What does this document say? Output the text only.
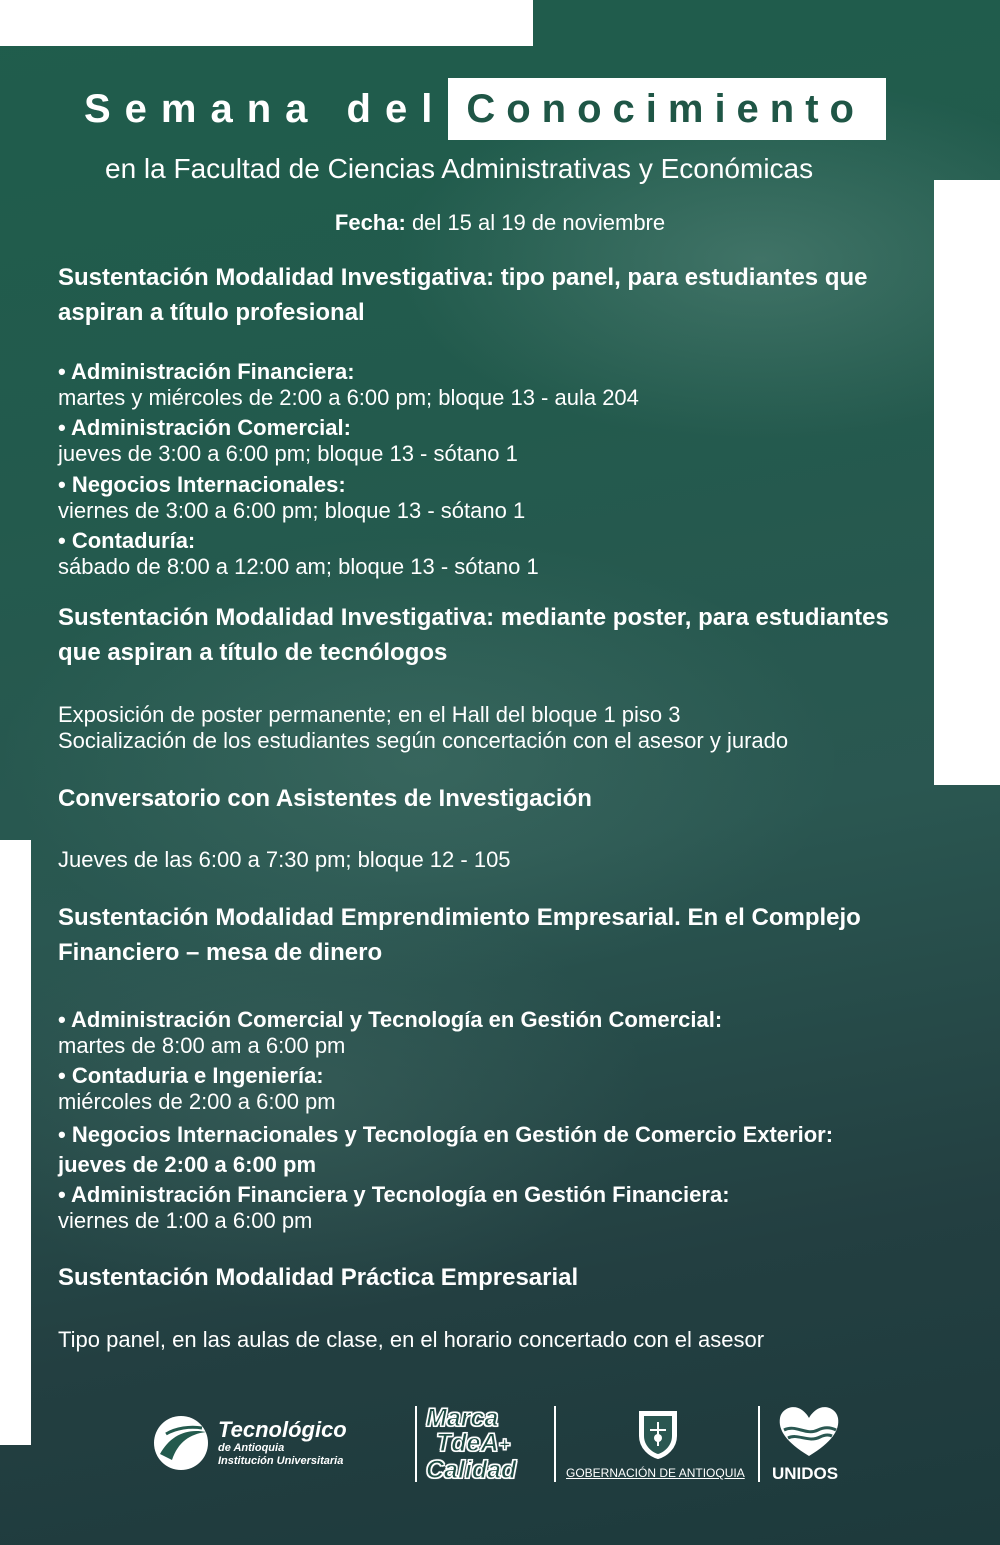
Semana del Conocimiento
en la Facultad de Ciencias Administrativas y Económicas
Fecha: del 15 al 19 de noviembre
Sustentación Modalidad Investigativa: tipo panel, para estudiantes que aspiran a título profesional
• Administración Financiera:
martes y miércoles de 2:00 a 6:00 pm; bloque 13 - aula 204
• Administración Comercial:
jueves de 3:00 a 6:00 pm; bloque 13 - sótano 1
• Negocios Internacionales:
viernes de 3:00 a 6:00 pm; bloque 13 - sótano 1
• Contaduría:
sábado de 8:00 a 12:00 am; bloque 13 - sótano 1
Sustentación Modalidad Investigativa: mediante poster, para estudiantes que aspiran a título de tecnólogos
Exposición de poster permanente; en el Hall del bloque 1 piso 3
Socialización de los estudiantes según concertación con el asesor y jurado
Conversatorio con Asistentes de Investigación
Jueves de las 6:00 a 7:30 pm; bloque 12 - 105
Sustentación Modalidad Emprendimiento Empresarial. En el Complejo Financiero – mesa de dinero
• Administración Comercial y Tecnología en Gestión Comercial:
martes de 8:00 am a 6:00 pm
• Contaduria e Ingeniería:
miércoles de 2:00 a 6:00 pm
• Negocios Internacionales y Tecnología en Gestión de Comercio Exterior:
jueves de 2:00 a 6:00 pm
• Administración Financiera y Tecnología en Gestión Financiera:
viernes de 1:00 a 6:00 pm
Sustentación Modalidad Práctica Empresarial
Tipo panel, en las aulas de clase, en el horario concertado con el asesor
Tecnológico
de Antioquia
Institución Universitaria
Marca
TdeA+
Calidad	GOBERNACIÓN DE ANTIOQUIA UNIDOS
